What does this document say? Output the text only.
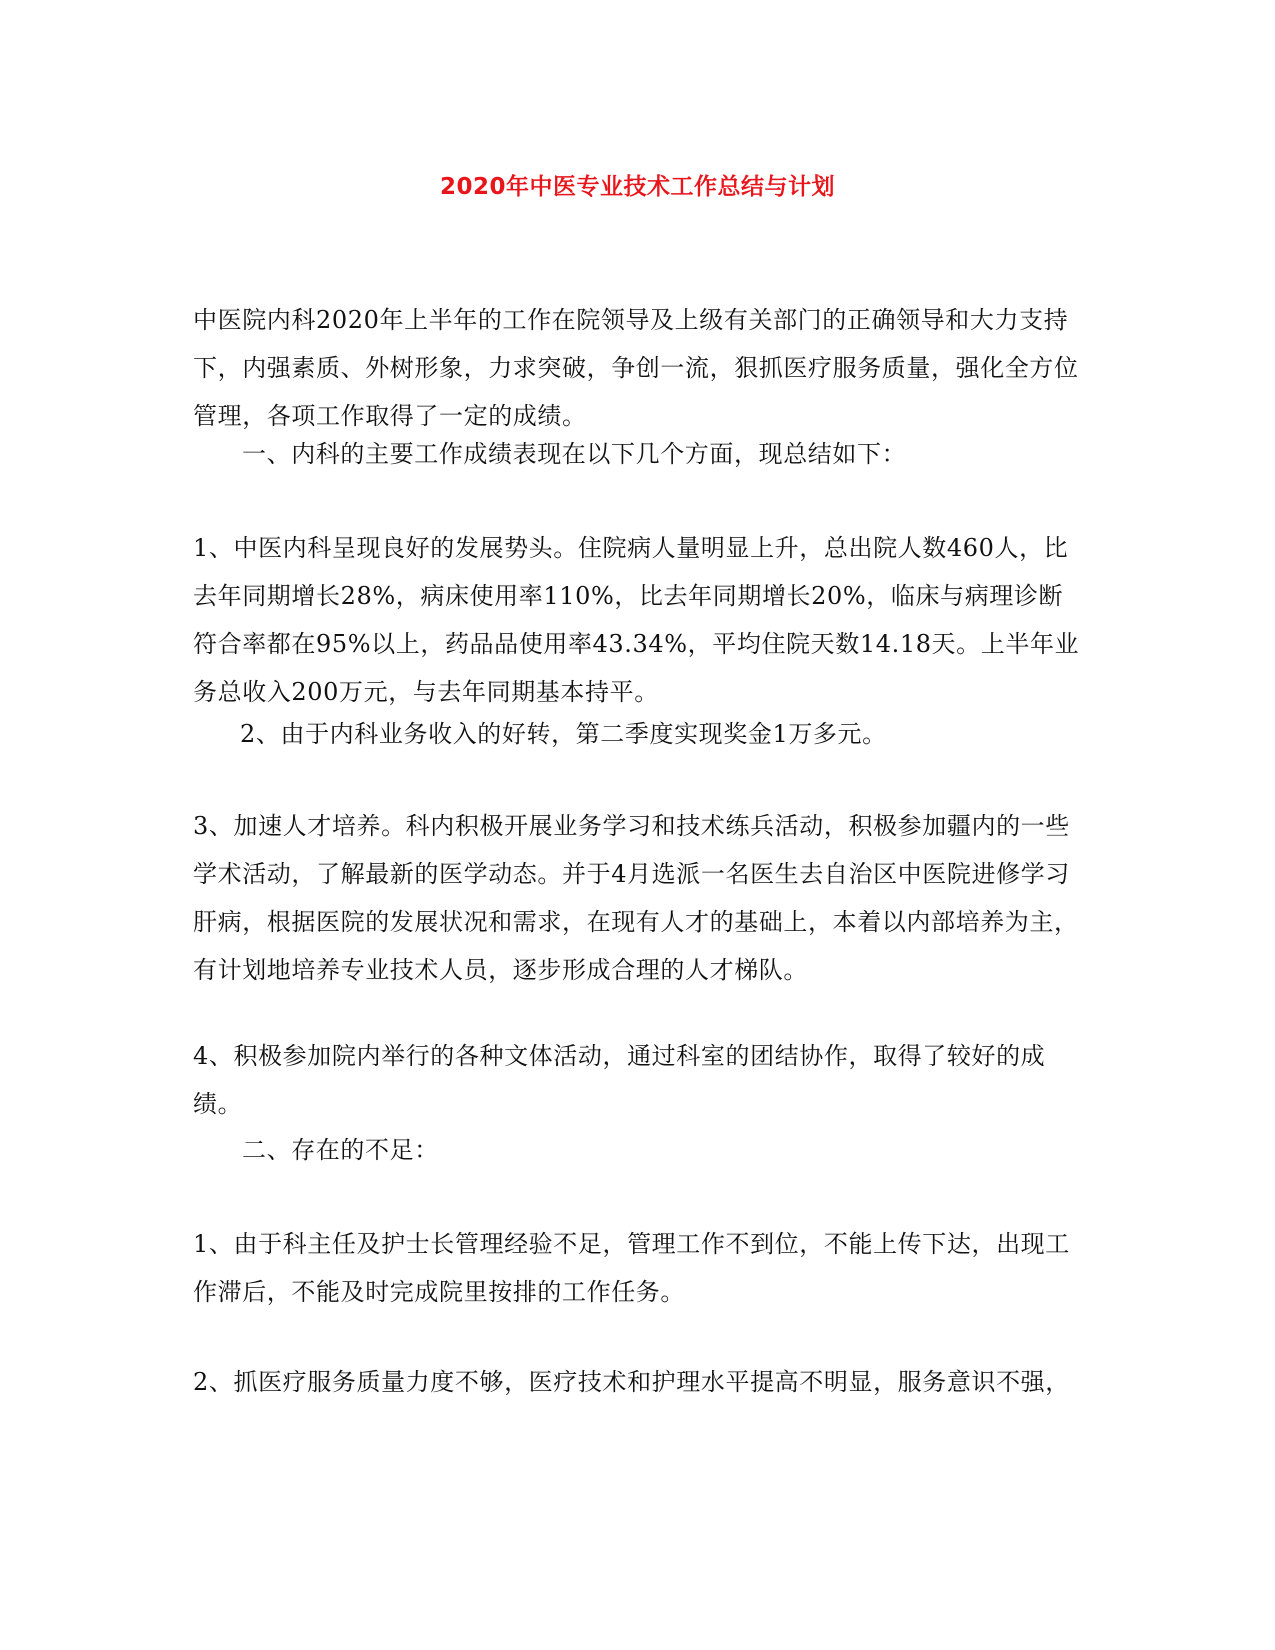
2020年中医专业技术工作总结与计划

中医院内科2020年上半年的工作在院领导及上级有关部门的正确领导和大力支持下，内强素质、外树形象，力求突破，争创一流，狠抓医疗服务质量，强化全方位管理，各项工作取得了一定的成绩。

一、内科的主要工作成绩表现在以下几个方面，现总结如下：

1、中医内科呈现良好的发展势头。住院病人量明显上升，总出院人数460人，比去年同期增长28%，病床使用率110%，比去年同期增长20%，临床与病理诊断符合率都在95%以上，药品品使用率43.34%，平均住院天数14.18天。上半年业务总收入200万元，与去年同期基本持平。

2、由于内科业务收入的好转，第二季度实现奖金1万多元。

3、加速人才培养。科内积极开展业务学习和技术练兵活动，积极参加疆内的一些学术活动，了解最新的医学动态。并于4月选派一名医生去自治区中医院进修学习肝病，根据医院的发展状况和需求，在现有人才的基础上，本着以内部培养为主，有计划地培养专业技术人员，逐步形成合理的人才梯队。

4、积极参加院内举行的各种文体活动，通过科室的团结协作，取得了较好的成绩。

二、存在的不足：

1、由于科主任及护士长管理经验不足，管理工作不到位，不能上传下达，出现工作滞后，不能及时完成院里按排的工作任务。

2、抓医疗服务质量力度不够，医疗技术和护理水平提高不明显，服务意识不强，
